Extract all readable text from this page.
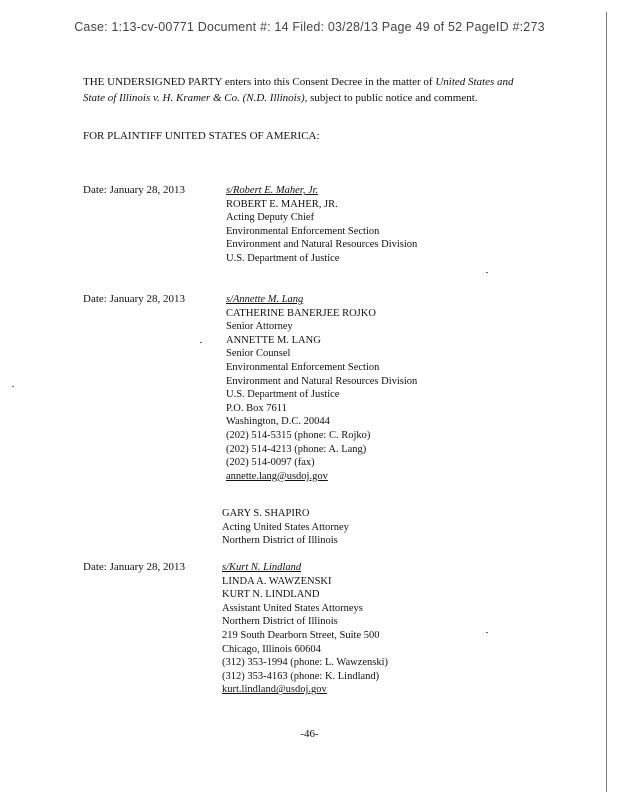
Case: 1:13-cv-00771 Document #: 14 Filed: 03/28/13 Page 49 of 52 PageID #:273
THE UNDERSIGNED PARTY enters into this Consent Decree in the matter of United States and State of Illinois v. H. Kramer & Co. (N.D. Illinois), subject to public notice and comment.
FOR PLAINTIFF UNITED STATES OF AMERICA:
Date: January 28, 2013	s/Robert E. Maher, Jr.
ROBERT E. MAHER, JR.
Acting Deputy Chief
Environmental Enforcement Section
Environment and Natural Resources Division
U.S. Department of Justice
Date: January 28, 2013	s/Annette M. Lang
CATHERINE BANERJEE ROJKO
Senior Attorney
ANNETTE M. LANG
Senior Counsel
Environmental Enforcement Section
Environment and Natural Resources Division
U.S. Department of Justice
P.O. Box 7611
Washington, D.C. 20044
(202) 514-5315 (phone: C. Rojko)
(202) 514-4213 (phone: A. Lang)
(202) 514-0097 (fax)
annette.lang@usdoj.gov
GARY S. SHAPIRO
Acting United States Attorney
Northern District of Illinois
Date: January 28, 2013	s/Kurt N. Lindland
LINDA A. WAWZENSKI
KURT N. LINDLAND
Assistant United States Attorneys
Northern District of Illinois
219 South Dearborn Street, Suite 500
Chicago, Illinois 60604
(312) 353-1994 (phone: L. Wawzenski)
(312) 353-4163 (phone: K. Lindland)
kurt.lindland@usdoj.gov
-46-
